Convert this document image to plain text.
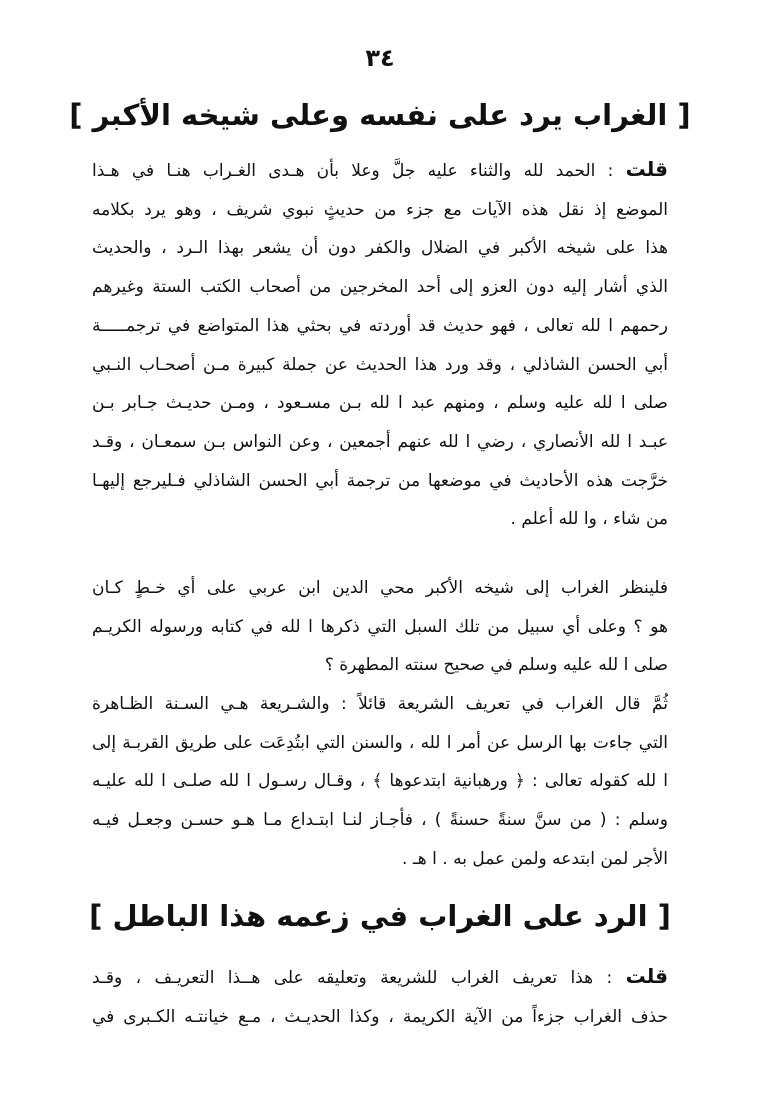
٣٤
[ الغراب يرد على نفسه وعلى شيخه الأكبر ]
قلت : الحمد لله والثناء عليه جلَّ وعلا بأن هـدى الغـراب هنـا في هـذا
الموضع إذ نقل هذه الآيات مع جزء من حديثٍ نبوي شريف ، وهو يرد بكلامه
هذا على شيخه الأكبر في الضلال والكفر دون أن يشعر بهذا الـرد ، والحديث
الذي أشار إليه دون العزو إلى أحد المخرجين من أصحاب الكتب الستة وغيرهم
رحمهم ا لله تعالى ، فهو حديث قد أوردته في بحثي هذا المتواضع في ترجمـــــة
أبي الحسن الشاذلي ، وقد ورد هذا الحديث عن جملة كبيرة مـن أصحـاب النـبي
صلى ا لله عليه وسلم ، ومنهم عبد ا لله بـن مسـعود ، ومـن حديـث جـابر بـن
عبـد ا لله الأنصاري ، رضي ا لله عنهم أجمعين ، وعن النواس بـن سمعـان ، وقـد
خرَّجت هذه الأحاديث في موضعها من ترجمة أبي الحسن الشاذلي فـليرجع إليهـا
من شاء ، وا لله أعلم .
فلينظر الغراب إلى شيخه الأكبر محي الدين ابن عربي على أي خـطٍ كـان
هو ؟ وعلى أي سبيل من تلك السبل التي ذكرها ا لله في كتابه ورسوله الكريـم
صلى ا لله عليه وسلم في صحيح سنته المطهرة ؟
ثُمَّ قال الغراب في تعريف الشريعة قائلاً : والشـريعة هـي السـنة الظـاهرة
التي جاءت بها الرسل عن أمر ا لله ، والسنن التي ابتُدِعَت على طريق القربـة إلى
ا لله كقوله تعالى : ﴿ ورهبانية ابتدعوها ﴾ ، وقـال رسـول ا لله صلـى ا لله عليـه
وسلم : ( من سنَّ سنةً حسنةً ) ، فأجـاز لنـا ابتـداع مـا هـو حسـن وجعـل فيـه
الأجر لمن ابتدعه ولمن عمل به . ا هـ .
[ الرد على الغراب في زعمه هذا الباطل ]
قلت : هذا تعريف الغراب للشريعة وتعليقه على هــذا التعريـف ، وقـد
حذف الغراب جزءاً من الآية الكريمة ، وكذا الحديـث ، مـع خيانتـه الكـبرى في
